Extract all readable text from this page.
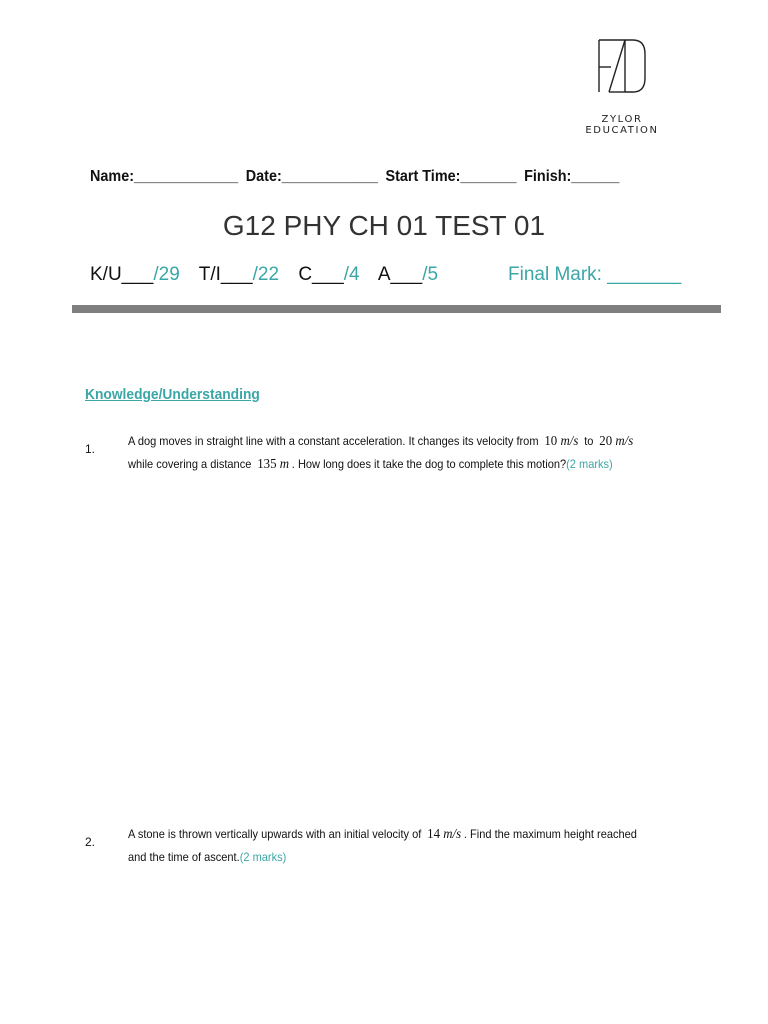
ZYLOR EDUCATION
Name:_____________ Date:____________ Start Time:_______ Finish:______
G12 PHY CH 01 TEST 01
K/U___/29 T/I___/22 C___/4 A___/5	Final Mark: _______
Knowledge/Understanding
1.
A dog moves in straight line with a constant acceleration. It changes its velocity from 10 m/s to 20 m/s
while covering a distance 135 m . How long does it take the dog to complete this motion?(2 marks)
2.
A stone is thrown vertically upwards with an initial velocity of 14 m/s . Find the maximum height reached and the time of ascent.(2 marks)
